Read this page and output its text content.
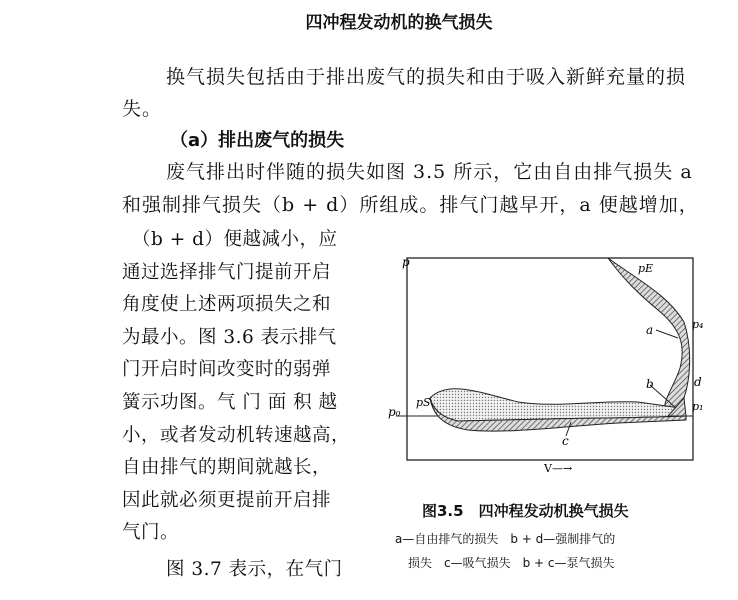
四冲程发动机的换气损失
换气损失包括由于排出废气的损失和由于吸入新鲜充量的损
失。
（a）排出废气的损失
废气排出时伴随的损失如图 3.5 所示，它由自由排气损失 a
和强制排气损失（b + d）所组成。排气门越早开，a 便越增加，
（b + d）便越减小，应
通过选择排气门提前开启
角度使上述两项损失之和
为最小。图 3.6 表示排气
门开启时间改变时的弱弹
簧示功图。气 门 面 积 越
小，或者发动机转速越高，
自由排气的期间就越长，
因此就必须更提前开启排
气门。
图 3.7 表示，在气门
p
p₀
pE
p₄
pS	p₁
a
b
c
d
V—→
图3.5　四冲程发动机换气损失
a—自由排气的损失　b + d—强制排气的
损失　c—吸气损失　b + c—泵气损失
